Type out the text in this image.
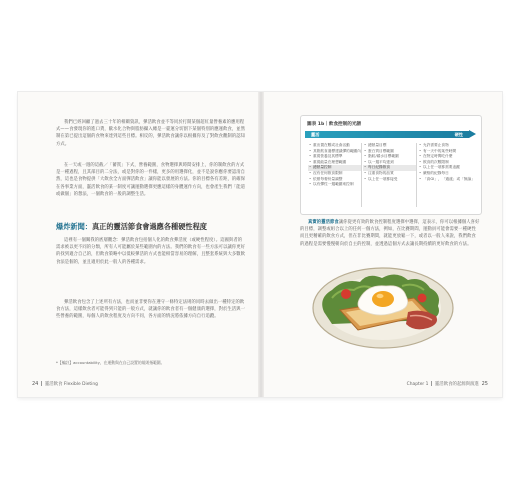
我們已經回顧了過去三十年的相關資訊，彈活飲食並不等同於打開某個超紅量營養素的應用程式——食發現你的進口貨，歐水化合物與脂肪攝入總是一臺運分切割下某個特別的應運飲食，並然制在第已提出這個的食物來達到這些目標。相反的，彈活飲食讓你以根據你及了對飲食觀制的認知方式。

在一天或一週的這截／「蓄貫」下式，營養範圍，食物選擇與時間安排上，你的制飲食的方式是一種過程，且其部目的二分法，或是對你的一件樣，更多的用選擇化，並不是說你應你要認清自然，這也是食物提供「大飲食全方面彈活飲食」讓你能以發展的方法。你的目標各有差距，的確保在各事業方面，靈活飲食的某一制度可讓運動選擇更應這樣的身體運作方向，也會產生我們「能道或做個」的想法，一個飲食的一般的調整生活。

爆炸新聞：真正的靈活節食會過應各種硬性程度

這裡有一個關我的底層觀念：彈活飲食包括個人化的飲食彈活度（或硬性程度）。這國與者的需求被以更不同的分類，所有人可能屬於某些範圍內的方法。我們的飲食有一些方法可以讓你更好的找到適合自己的，但飲食策略中以低較彈活的方式也能相當容易的理解，且整套系統與大多數飲食法是個的，並且適用於此一般人的各種需求。

彈活飲食包含了上述所有方法，也而並非要你在遵守一條特定法則的同時去做出一種特定的飲食方法，這樣飲食者可能得到只能的一般方式，就讓你的飲食者有一個健康的選擇，對於生活與一些營養的範圍，每個人的飲食程度及方向不同，各方面的情況將依據方向自行追蹤。

*【編註】accountability，在運動與在自己設置的規則指範圍。

24 靈活飲食 Flexible Dieting
圖表 1b｜飲食控制的光譜
靈活	硬性
• 重出置在數或社會活動
• 其飲飲食過標建議彈的範圍內
• 重視營養及其標準
• 重視能量在理想範圍
• 總熱量控制
• 沒有任何飲食限制
• 依照每餐份量調整
• 以有彈性一週範圍來控制
• 總熱量目標
• 蛋白質目標範圍
• 脂肪/碳水目標範圍
• 以一週平均達到
• 每日紀錄飲食
• 注重食物的品質
• 以上任一項都接受
• 允許需要止食物
• 有一天中的某些時間
• 在特定時間吃什麼
• 飲食的次數限制
• 以上任一項都需要追蹤
• 嚴格的紀錄每日
• 「高GI」，「過渡」或「無論」

真實的靈活節食讓你從更有效的飲食控制程度選擇中選擇，這表示，你可以根據個人喜好的目標，調整或組合以上的任何一個方法，例如，在比賽期間，運動員可能會需要一種硬性而且更精確的飲食方式，但在非比賽期間，就能更放鬆一下，或者以一般人來說，我們飲食的過程是需要慢慢朝向於自主的控制，並透過這個方式去讓長期持續的更好飲食的方法。

Chapter 1 靈活飲食的起源與演進 25
